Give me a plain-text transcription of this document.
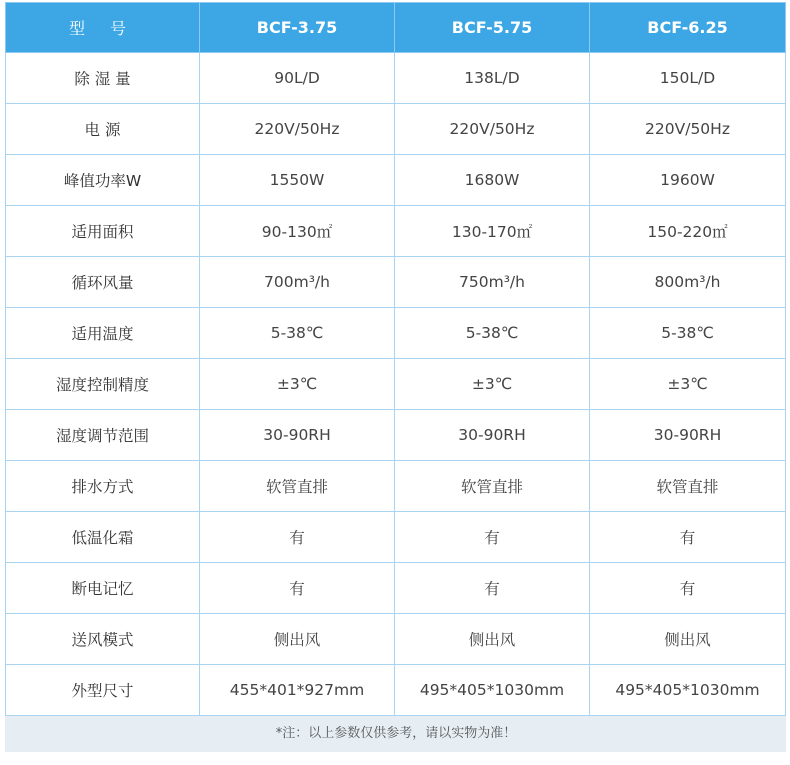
型 号	BCF-3.75	BCF-5.75	BCF-6.25
除 湿 量	90L/D	138L/D	150L/D
电 源	220V/50Hz	220V/50Hz	220V/50Hz
峰值功率W	1550W	1680W	1960W
适用面积	90-130㎡	130-170㎡	150-220㎡
循环风量	700m³/h	750m³/h	800m³/h
适用温度	5-38℃	5-38℃	5-38℃
湿度控制精度	±3℃	±3℃	±3℃
湿度调节范围	30-90RH	30-90RH	30-90RH
排水方式	软管直排	软管直排	软管直排
低温化霜	有	有	有
断电记忆	有	有	有
送风模式	侧出风	侧出风	侧出风
外型尺寸	455*401*927mm	495*405*1030mm	495*405*1030mm
*注：以上参数仅供参考，请以实物为准！
